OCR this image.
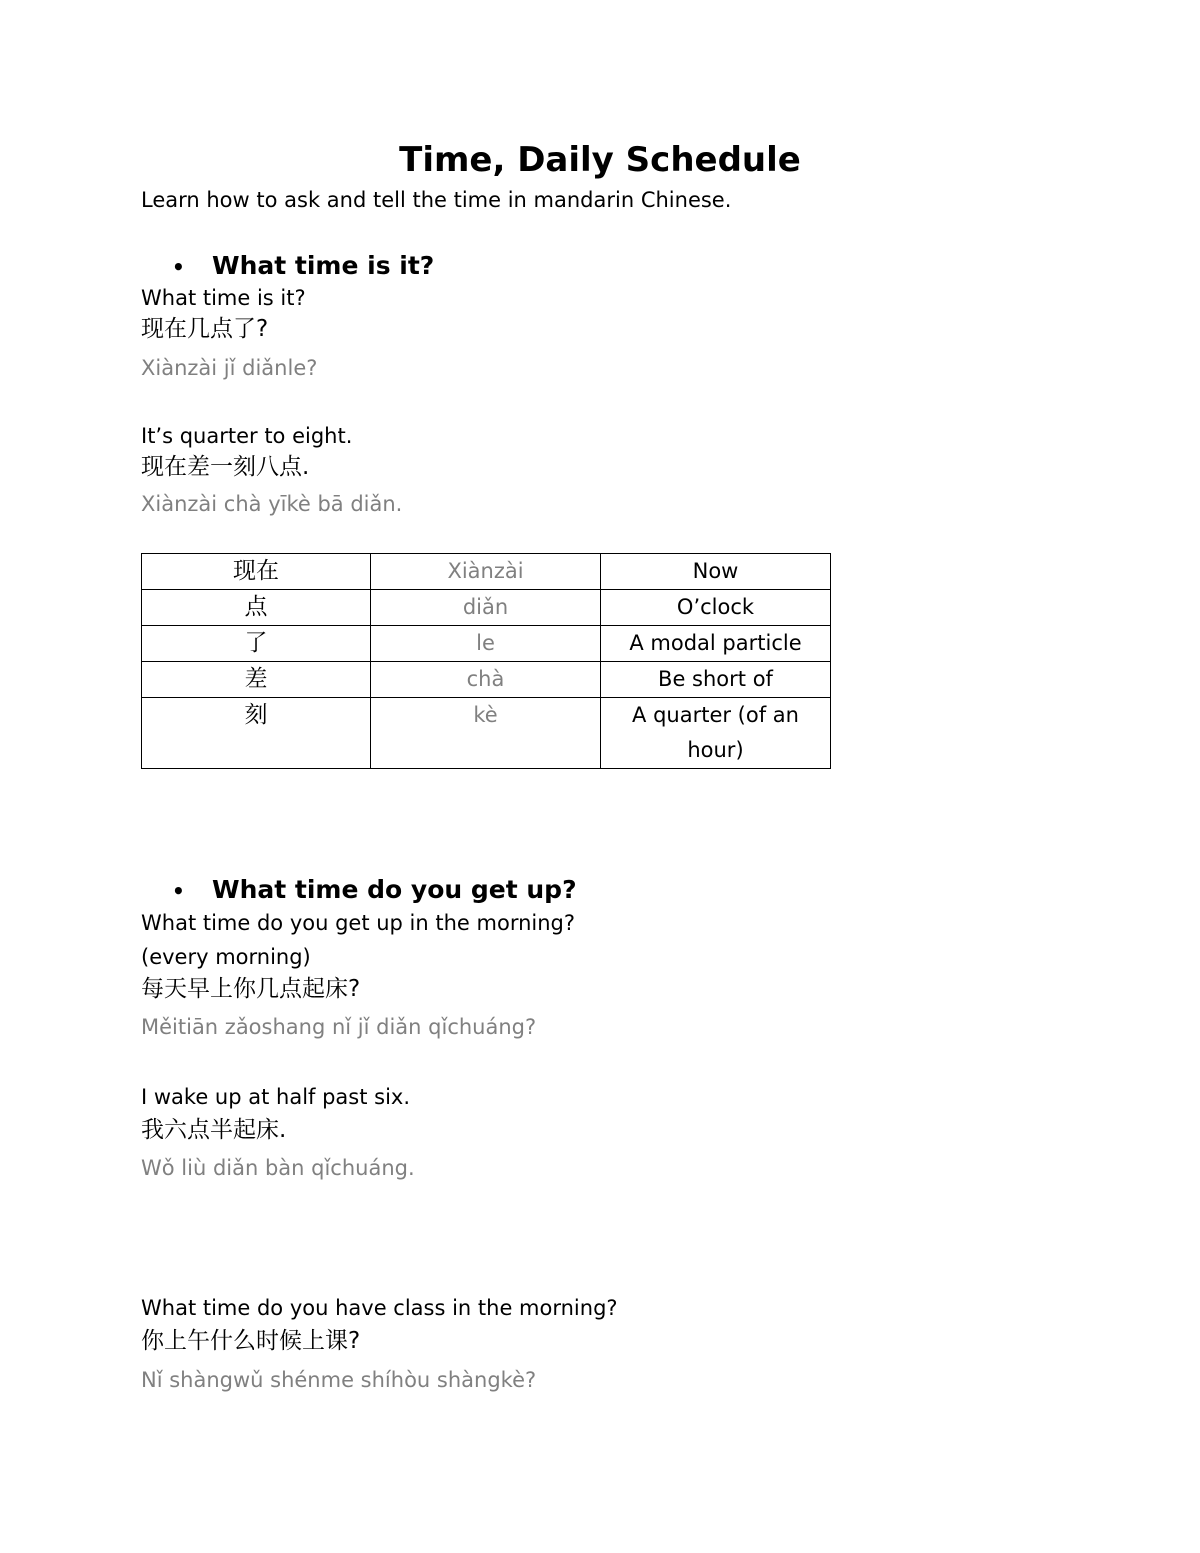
Time, Daily Schedule
Learn how to ask and tell the time in mandarin Chinese.
• What time is it?
What time is it?
现在几点了?
Xiànzài jǐ diǎnle?
It’s quarter to eight.
现在差一刻八点.
Xiànzài chà yīkè bā diǎn.
现在	Xiànzài	Now
点	diǎn	O’clock
了	le	A modal particle
差	chà	Be short of
刻	kè	A quarter (of an hour)
• What time do you get up?
What time do you get up in the morning?
(every morning)
每天早上你几点起床?
Měitiān zǎoshang nǐ jǐ diǎn qǐchuáng?
I wake up at half past six.
我六点半起床.
Wǒ liù diǎn bàn qǐchuáng.
What time do you have class in the morning?
你上午什么时候上课?
Nǐ shàngwǔ shénme shíhòu shàngkè?
